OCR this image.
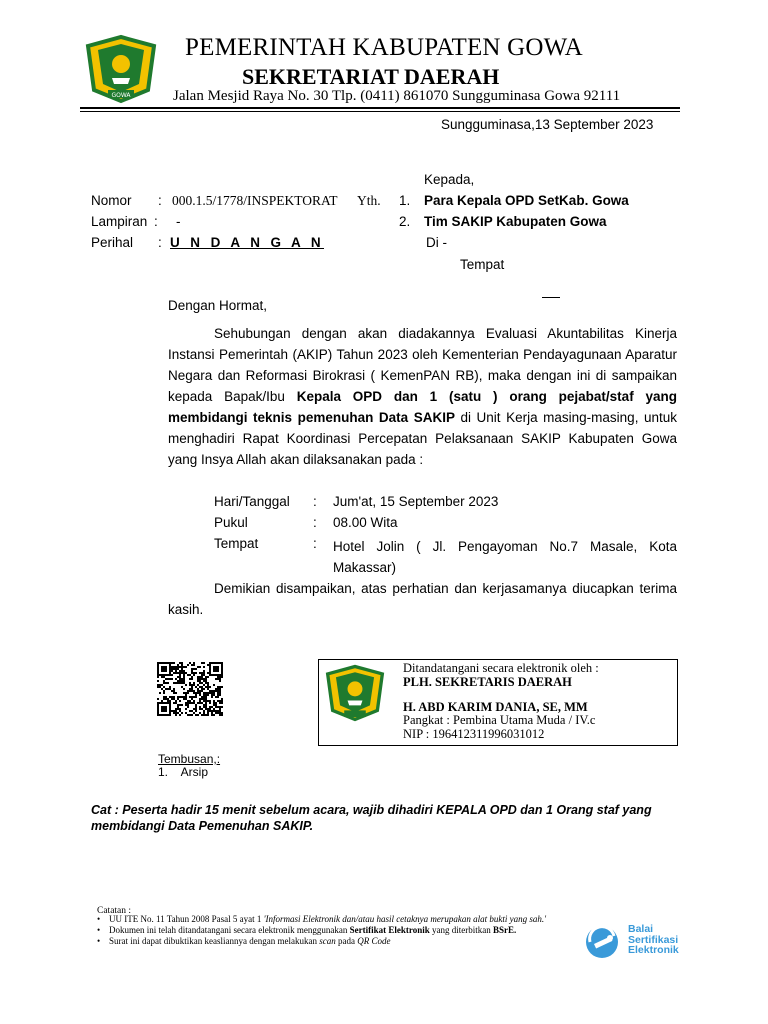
GOWA
PEMERINTAH KABUPATEN GOWA
SEKRETARIAT DAERAH
Jalan Mesjid Raya No. 30 Tlp. (0411) 861070 Sungguminasa Gowa 92111
Sungguminasa,13 September 2023
Kepada,
Nomor : 000.1.5/1778/INSPEKTORAT Yth. 1. Para Kepala OPD SetKab. Gowa
Lampiran : -	2. Tim SAKIP Kabupaten Gowa
Perihal : U N D A N G A N	Di -
Tempat
Dengan Hormat,
Sehubungan dengan akan diadakannya Evaluasi Akuntabilitas Kinerja Instansi Pemerintah (AKIP) Tahun 2023 oleh Kementerian Pendayagunaan Aparatur Negara dan Reformasi Birokrasi ( KemenPAN RB), maka dengan ini di sampaikan kepada Bapak/Ibu Kepala OPD dan 1 (satu ) orang pejabat/staf yang membidangi teknis pemenuhan Data SAKIP di Unit Kerja masing-masing, untuk menghadiri Rapat Koordinasi Percepatan Pelaksanaan SAKIP Kabupaten Gowa yang Insya Allah akan dilaksanakan pada :
Hari/Tanggal : Jum'at, 15 September 2023
Pukul	: 08.00 Wita
Tempat	: Hotel Jolin ( Jl. Pengayoman No.7 Masale, Kota Makassar)
Demikian disampaikan, atas perhatian dan kerjasamanya diucapkan terima kasih.
Ditandatangani secara elektronik oleh :
PLH. SEKRETARIS DAERAH
H. ABD KARIM DANIA, SE, MM
Pangkat : Pembina Utama Muda / IV.c
NIP : 196412311996031012
Tembusan,:
1.    Arsip
Cat : Peserta hadir 15 menit sebelum acara, wajib dihadiri KEPALA OPD dan 1 Orang staf yang membidangi Data Pemenuhan SAKIP.
Catatan :
• UU ITE No. 11 Tahun 2008 Pasal 5 ayat 1 'Informasi Elektronik dan/atau hasil cetaknya merupakan alat bukti yang sah.'
• Dokumen ini telah ditandatangani secara elektronik menggunakan Sertifikat Elektronik yang diterbitkan BSrE.
• Surat ini dapat dibuktikan keasliannya dengan melakukan scan pada QR Code
Balai
Sertifikasi
Elektronik
